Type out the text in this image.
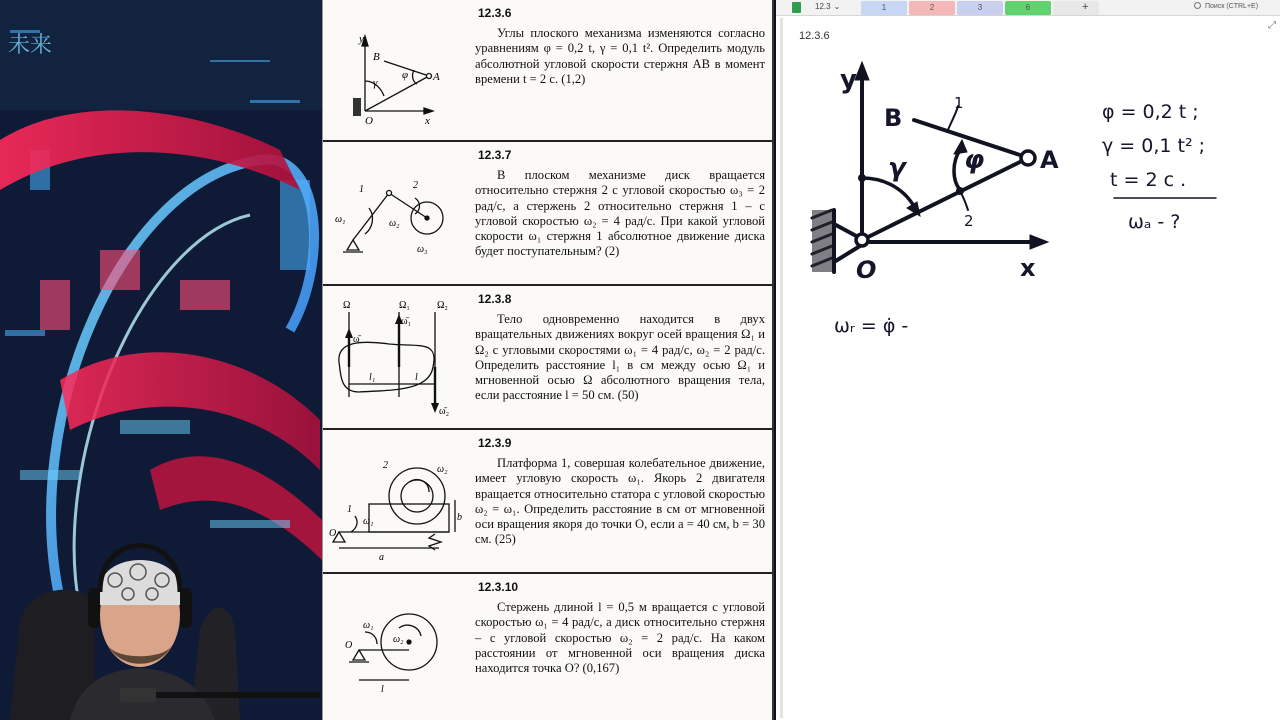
未来
12.3.6
Углы плоского механизма изменяются согласно уравнениям φ = 0,2 t, γ = 0,1 t². Определить модуль абсолютной угловой скорости стержня AB в момент времени t = 2 с. (1,2)
y
B
A
O	x
γ
φ
12.3.7
В плоском механизме диск вращается относительно стержня 2 с угловой скоростью ω₃ = 2 рад/с, а стержень 2 относительно стержня 1 – с угловой скоростью ω₂ = 4 рад/с. При какой угловой скорости ω₁ стержня 1 абсолютное движение диска будет поступательным? (2)
1	2
ω₁	ω₂
ω₃
12.3.8
Тело одновременно находится в двух вращательных движениях вокруг осей вращения Ω₁ и Ω₂ с угловыми скоростями ω₁ = 4 рад/с, ω₂ = 2 рад/с. Определить расстояние l₁ в см между осью Ω₁ и мгновенной осью Ω абсолютного вращения тела, если расстояние l = 50 см. (50)
Ω	Ω₁	Ω₂
ω̄
ω̄₁
ω̄₂
l₁	l
12.3.9
Платформа 1, совершая колебательное движение, имеет угловую скорость ω₁. Якорь 2 двигателя вращается относительно статора с угловой скоростью ω₂ = ω₁. Определить расстояние в см от мгновенной оси вращения якоря до точки O, если a = 40 см, b = 30 см. (25)
2	ω₂
1
ω₁
O
a
b
12.3.10
Стержень длиной l = 0,5 м вращается с угловой скоростью ω₁ = 4 рад/с, а диск относительно стержня – с угловой скоростью ω₂ = 2 рад/с. На каком расстоянии от мгновенной оси вращения диска находится точка O? (0,167)
ω₁
ω₂
O
l
12.3 ⌄	1	2	3	6	+	Поиск (CTRL+E)
⤢
12.3.6
y
B
A
O	x
1
2
γ φ
φ = 0,2 t ;
γ = 0,1 t² ;
t = 2 с .
ωₐ - ?
ωᵣ = φ̇ -
